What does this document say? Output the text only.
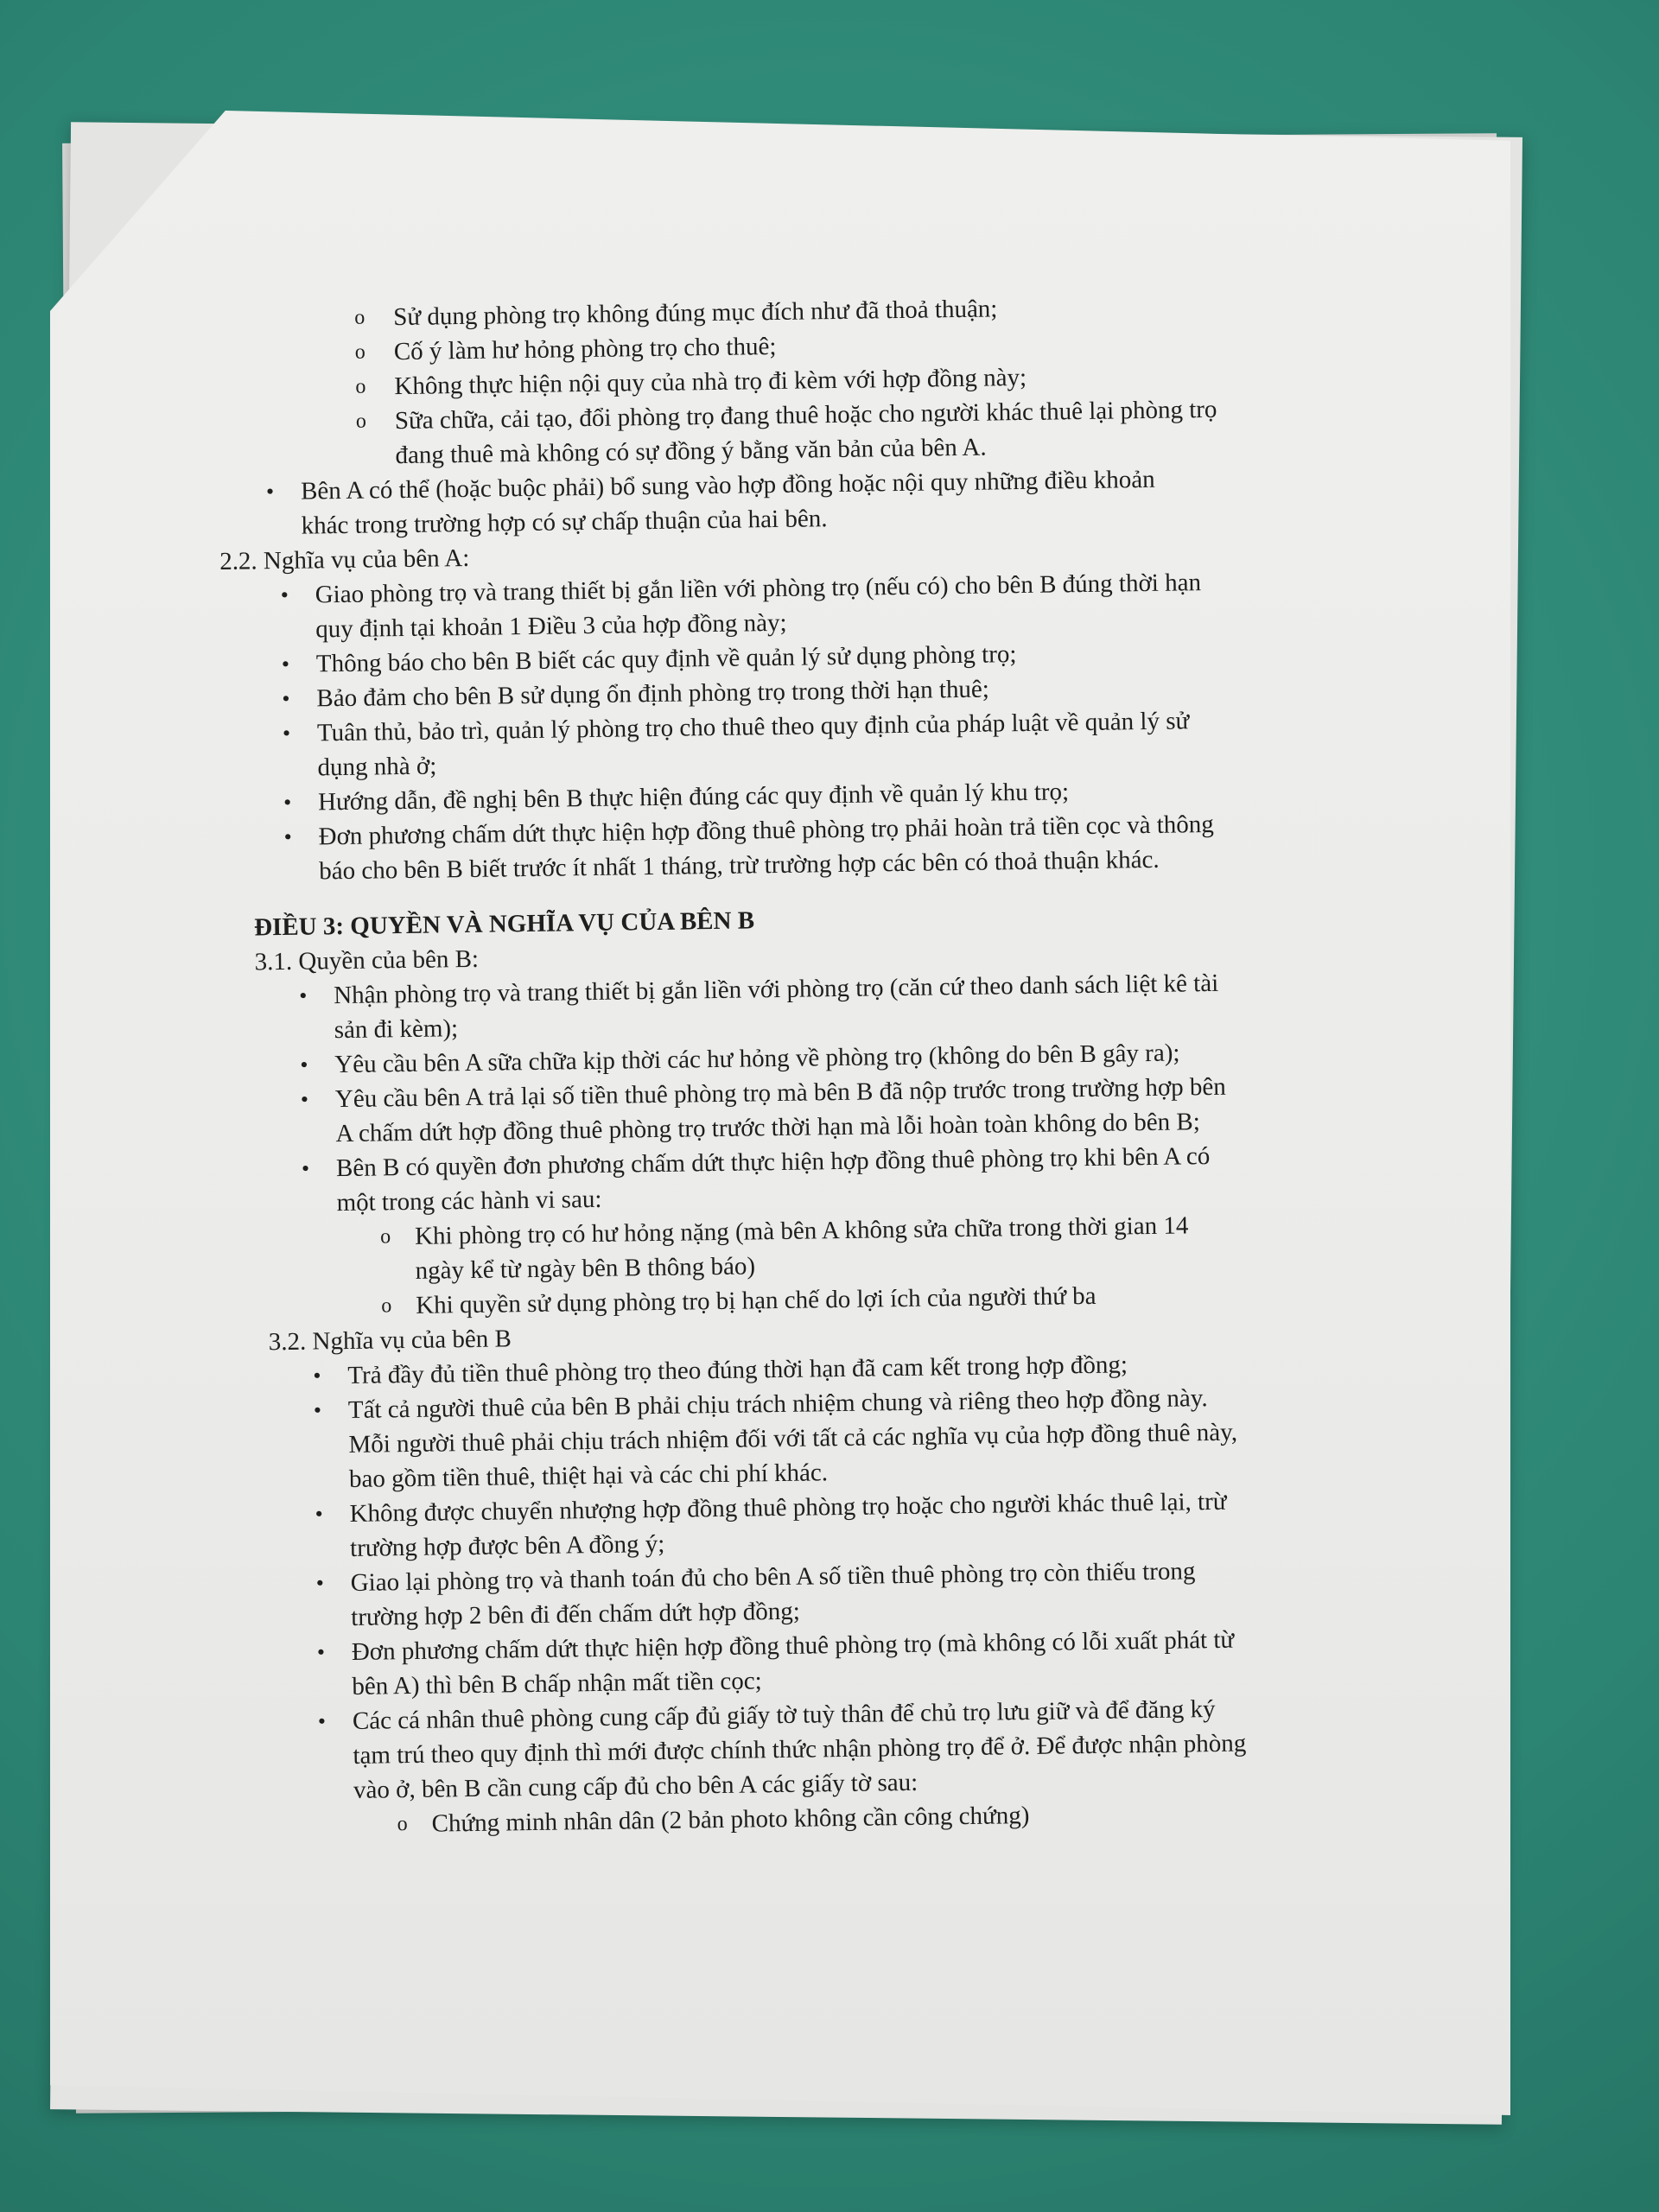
o Sử dụng phòng trọ không đúng mục đích như đã thoả thuận;
o Cố ý làm hư hỏng phòng trọ cho thuê;
o Không thực hiện nội quy của nhà trọ đi kèm với hợp đồng này;
o Sữa chữa, cải tạo, đổi phòng trọ đang thuê hoặc cho người khác thuê lại phòng trọ
đang thuê mà không có sự đồng ý bằng văn bản của bên A.
• Bên A có thể (hoặc buộc phải) bổ sung vào hợp đồng hoặc nội quy những điều khoản
khác trong trường hợp có sự chấp thuận của hai bên.
2.2. Nghĩa vụ của bên A:
• Giao phòng trọ và trang thiết bị gắn liền với phòng trọ (nếu có) cho bên B đúng thời hạn
quy định tại khoản 1 Điều 3 của hợp đồng này;
• Thông báo cho bên B biết các quy định về quản lý sử dụng phòng trọ;
• Bảo đảm cho bên B sử dụng ổn định phòng trọ trong thời hạn thuê;
• Tuân thủ, bảo trì, quản lý phòng trọ cho thuê theo quy định của pháp luật về quản lý sử
dụng nhà ở;
• Hướng dẫn, đề nghị bên B thực hiện đúng các quy định về quản lý khu trọ;
• Đơn phương chấm dứt thực hiện hợp đồng thuê phòng trọ phải hoàn trả tiền cọc và thông
báo cho bên B biết trước ít nhất 1 tháng, trừ trường hợp các bên có thoả thuận khác.
ĐIỀU 3: QUYỀN VÀ NGHĨA VỤ CỦA BÊN B
3.1. Quyền của bên B:
• Nhận phòng trọ và trang thiết bị gắn liền với phòng trọ (căn cứ theo danh sách liệt kê tài
sản đi kèm);
• Yêu cầu bên A sữa chữa kịp thời các hư hỏng về phòng trọ (không do bên B gây ra);
• Yêu cầu bên A trả lại số tiền thuê phòng trọ mà bên B đã nộp trước trong trường hợp bên
A chấm dứt hợp đồng thuê phòng trọ trước thời hạn mà lỗi hoàn toàn không do bên B;
• Bên B có quyền đơn phương chấm dứt thực hiện hợp đồng thuê phòng trọ khi bên A có
một trong các hành vi sau:
o Khi phòng trọ có hư hỏng nặng (mà bên A không sửa chữa trong thời gian 14
ngày kể từ ngày bên B thông báo)
o Khi quyền sử dụng phòng trọ bị hạn chế do lợi ích của người thứ ba
3.2. Nghĩa vụ của bên B
• Trả đầy đủ tiền thuê phòng trọ theo đúng thời hạn đã cam kết trong hợp đồng;
• Tất cả người thuê của bên B phải chịu trách nhiệm chung và riêng theo hợp đồng này.
Mỗi người thuê phải chịu trách nhiệm đối với tất cả các nghĩa vụ của hợp đồng thuê này,
bao gồm tiền thuê, thiệt hại và các chi phí khác.
• Không được chuyển nhượng hợp đồng thuê phòng trọ hoặc cho người khác thuê lại, trừ
trường hợp được bên A đồng ý;
• Giao lại phòng trọ và thanh toán đủ cho bên A số tiền thuê phòng trọ còn thiếu trong
trường hợp 2 bên đi đến chấm dứt hợp đồng;
• Đơn phương chấm dứt thực hiện hợp đồng thuê phòng trọ (mà không có lỗi xuất phát từ
bên A) thì bên B chấp nhận mất tiền cọc;
• Các cá nhân thuê phòng cung cấp đủ giấy tờ tuỳ thân để chủ trọ lưu giữ và để đăng ký
tạm trú theo quy định thì mới được chính thức nhận phòng trọ để ở. Để được nhận phòng
vào ở, bên B cần cung cấp đủ cho bên A các giấy tờ sau:
o Chứng minh nhân dân (2 bản photo không cần công chứng)
